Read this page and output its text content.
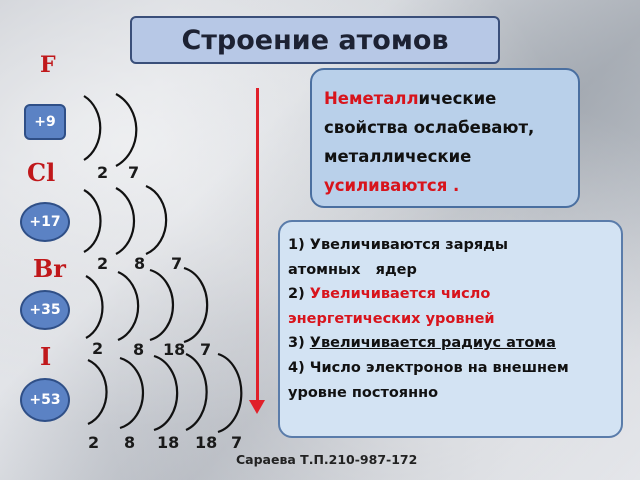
Строение атомов
F
Cl
Br
I
+9
+17
+35
+53
2 7
2 8 7
2 8 18 7
2 8 18 18 7
Неметаллические
свойства ослабевают,
металлические
усиливаются .
1) Увеличиваются заряды атомных   ядер
2) Увеличивается число энергетических уровней
3) Увеличивается радиус атома
4) Число электронов на внешнем уровне постоянно
Сараева Т.П.210-987-172
